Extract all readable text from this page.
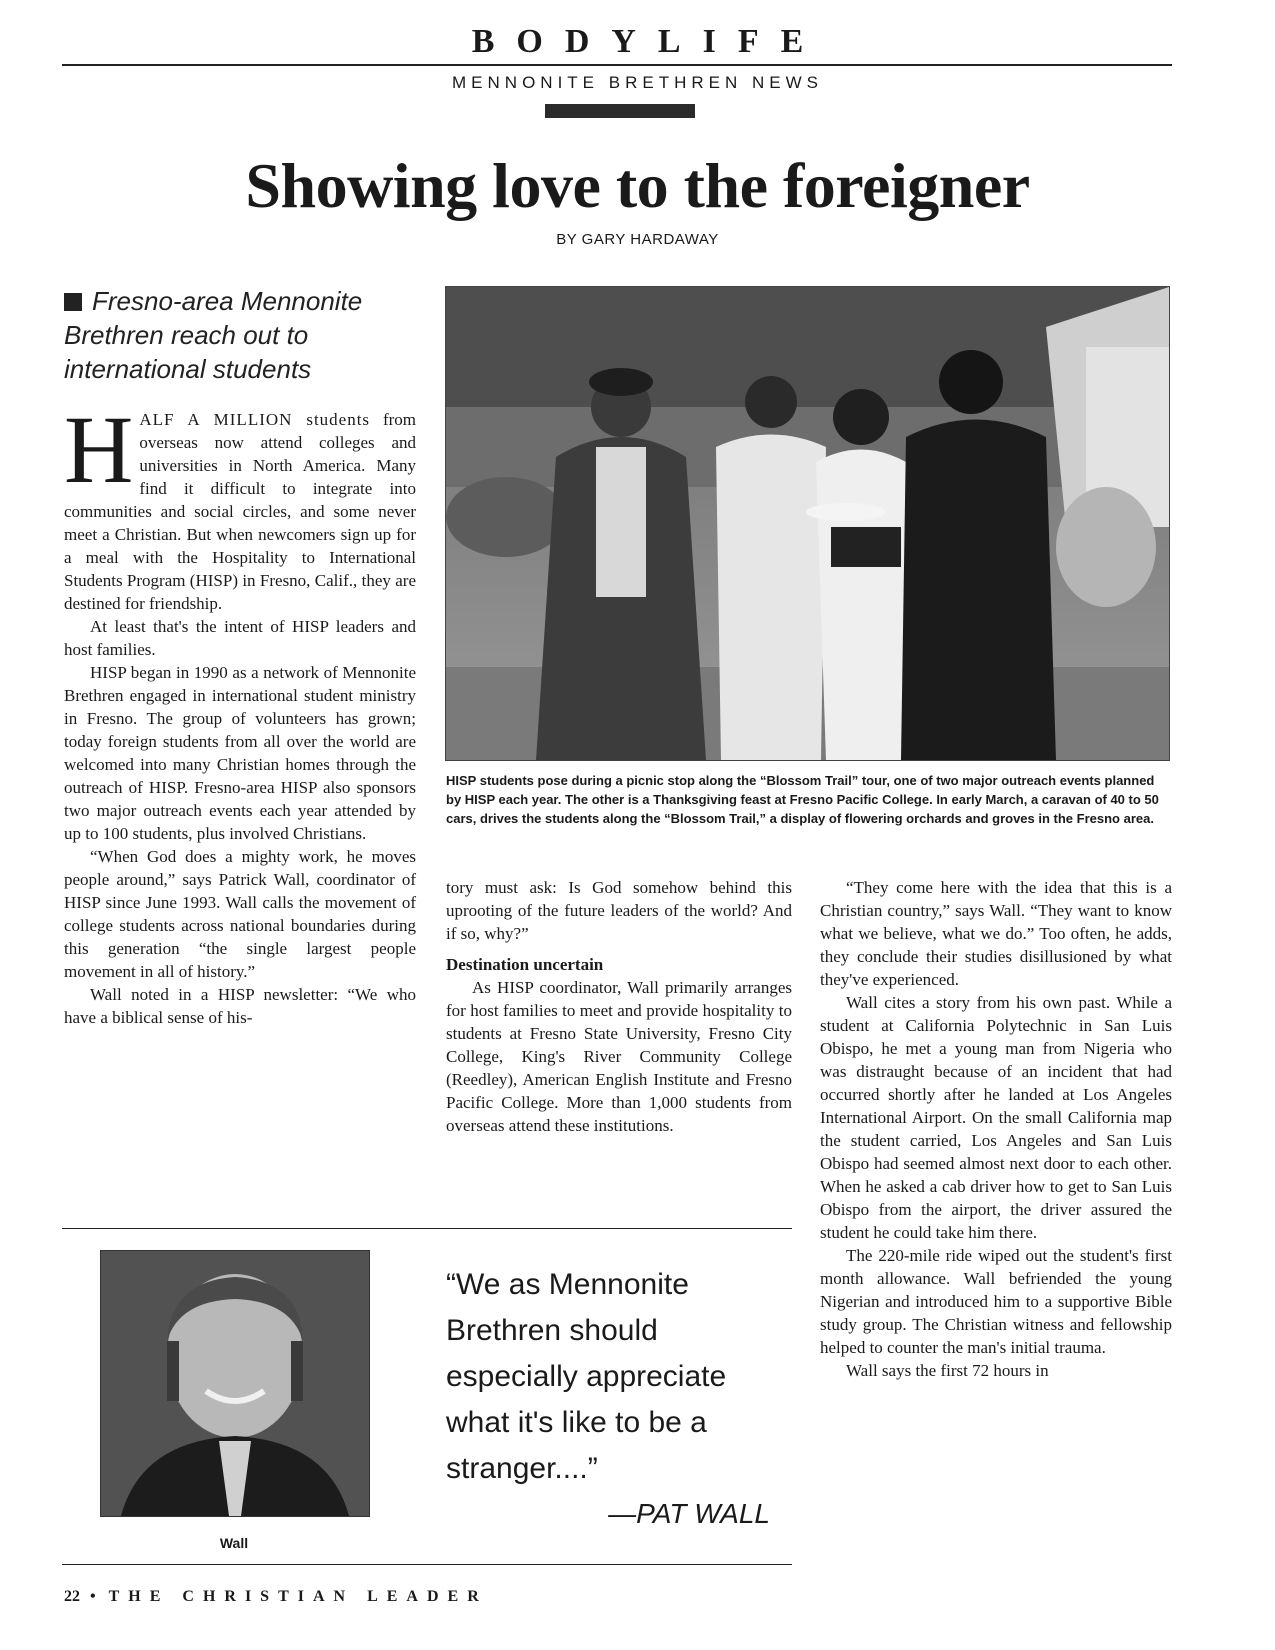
BODYLIFE
MENNONITE BRETHREN NEWS
Showing love to the foreigner
BY GARY HARDAWAY
Fresno-area Mennonite Brethren reach out to international students

HALF A MILLION students from overseas now attend colleges and universities in North America. Many find it difficult to integrate into communities and social circles, and some never meet a Christian. But when newcomers sign up for a meal with the Hospitality to International Students Program (HISP) in Fresno, Calif., they are destined for friendship.

At least that's the intent of HISP leaders and host families.

HISP began in 1990 as a network of Mennonite Brethren engaged in international student ministry in Fresno. The group of volunteers has grown; today foreign students from all over the world are welcomed into many Christian homes through the outreach of HISP. Fresno-area HISP also sponsors two major outreach events each year attended by up to 100 students, plus involved Christians.

“When God does a mighty work, he moves people around,” says Patrick Wall, coordinator of HISP since June 1993. Wall calls the movement of college students across national boundaries during this generation “the single largest people movement in all of history.”

Wall noted in a HISP newsletter: “We who have a biblical sense of his-

HISP students pose during a picnic stop along the “Blossom Trail” tour, one of two major outreach events planned by HISP each year. The other is a Thanksgiving feast at Fresno Pacific College. In early March, a caravan of 40 to 50 cars, drives the students along the “Blossom Trail,” a display of flowering orchards and groves in the Fresno area.

tory must ask: Is God somehow behind this uprooting of the future leaders of the world? And if so, why?”

Destination uncertain

As HISP coordinator, Wall primarily arranges for host families to meet and provide hospitality to students at Fresno State University, Fresno City College, King's River Community College (Reedley), American English Institute and Fresno Pacific College. More than 1,000 students from overseas attend these institutions.

“They come here with the idea that this is a Christian country,” says Wall. “They want to know what we believe, what we do.” Too often, he adds, they conclude their studies disillusioned by what they've experienced.

Wall cites a story from his own past. While a student at California Polytechnic in San Luis Obispo, he met a young man from Nigeria who was distraught because of an incident that had occurred shortly after he landed at Los Angeles International Airport. On the small California map the student carried, Los Angeles and San Luis Obispo had seemed almost next door to each other. When he asked a cab driver how to get to San Luis Obispo from the airport, the driver assured the student he could take him there.

The 220-mile ride wiped out the student's first month allowance. Wall befriended the young Nigerian and introduced him to a supportive Bible study group. The Christian witness and fellowship helped to counter the man's initial trauma.

Wall says the first 72 hours in

Wall
“We as Mennonite Brethren should especially appreciate what it's like to be a stranger....”
—PAT WALL
22 • THE CHRISTIAN LEADER
